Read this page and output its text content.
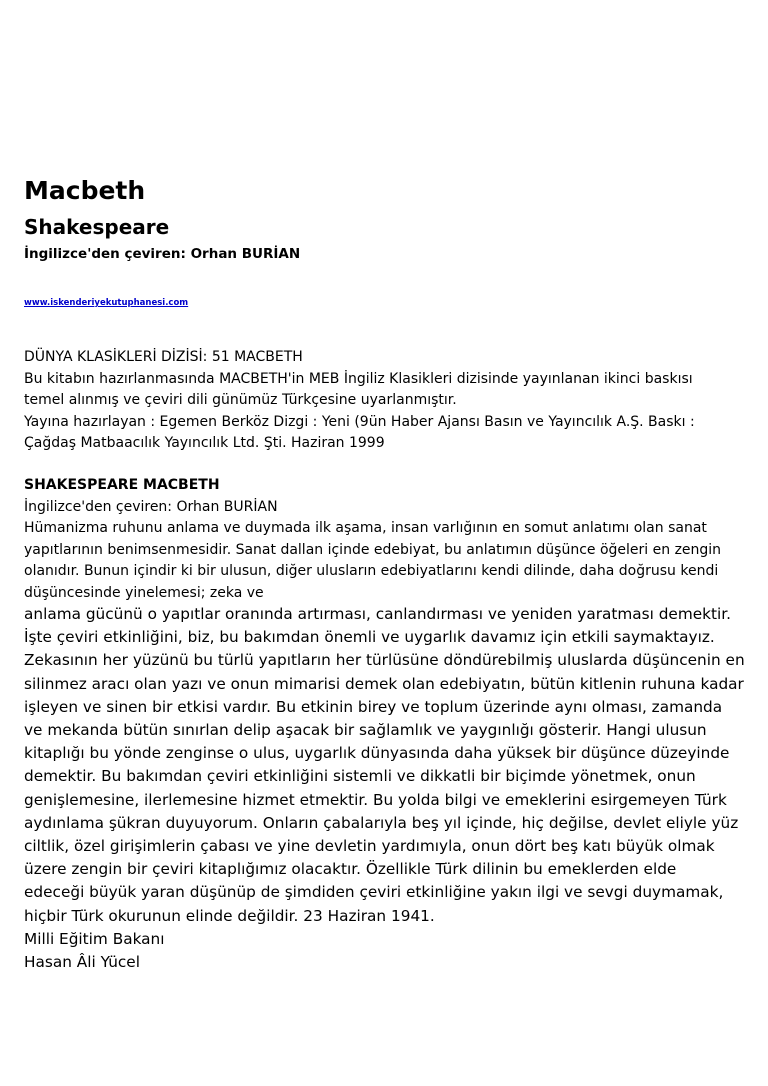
Macbeth
Shakespeare
İngilizce'den çeviren: Orhan BURİAN
www.iskenderiyekutuphanesi.com
DÜNYA KLASİKLERİ DİZİSİ: 51 MACBETH
Bu kitabın hazırlanmasında MACBETH'in MEB İngiliz Klasikleri dizisinde yayınlanan ikinci baskısı
temel alınmış ve çeviri dili günümüz Türkçesine uyarlanmıştır.
Yayına hazırlayan : Egemen Berköz Dizgi : Yeni (9ün Haber Ajansı Basın ve Yayıncılık A.Ş. Baskı :
Çağdaş Matbaacılık Yayıncılık Ltd. Şti. Haziran 1999
SHAKESPEARE MACBETH
İngilizce'den çeviren: Orhan BURİAN
Hümanizma ruhunu anlama ve duymada ilk aşama, insan varlığının en somut anlatımı olan sanat
yapıtlarının benimsenmesidir. Sanat dallan içinde edebiyat, bu anlatımın düşünce öğeleri en zengin
olanıdır. Bunun içindir ki bir ulusun, diğer ulusların edebiyatlarını kendi dilinde, daha doğrusu kendi
düşüncesinde yinelemesi; zeka ve
anlama gücünü o yapıtlar oranında artırması, canlandırması ve yeniden yaratması demektir.
İşte çeviri etkinliğini, biz, bu bakımdan önemli ve uygarlık davamız için etkili saymaktayız.
Zekasının her yüzünü bu türlü yapıtların her türlüsüne döndürebilmiş uluslarda düşüncenin en
silinmez aracı olan yazı ve onun mimarisi demek olan edebiyatın, bütün kitlenin ruhuna kadar
işleyen ve sinen bir etkisi vardır. Bu etkinin birey ve toplum üzerinde aynı olması, zamanda
ve mekanda bütün sınırlan delip aşacak bir sağlamlık ve yaygınlığı gösterir. Hangi ulusun
kitaplığı bu yönde zenginse o ulus, uygarlık dünyasında daha yüksek bir düşünce düzeyinde
demektir. Bu bakımdan çeviri etkinliğini sistemli ve dikkatli bir biçimde yönetmek, onun
genişlemesine, ilerlemesine hizmet etmektir. Bu yolda bilgi ve emeklerini esirgemeyen Türk
aydınlama şükran duyuyorum. Onların çabalarıyla beş yıl içinde, hiç değilse, devlet eliyle yüz
ciltlik, özel girişimlerin çabası ve yine devletin yardımıyla, onun dört beş katı büyük olmak
üzere zengin bir çeviri kitaplığımız olacaktır. Özellikle Türk dilinin bu emeklerden elde
edeceği büyük yaran düşünüp de şimdiden çeviri etkinliğine yakın ilgi ve sevgi duymamak,
hiçbir Türk okurunun elinde değildir. 23 Haziran 1941.
Milli Eğitim Bakanı
Hasan Âli Yücel
